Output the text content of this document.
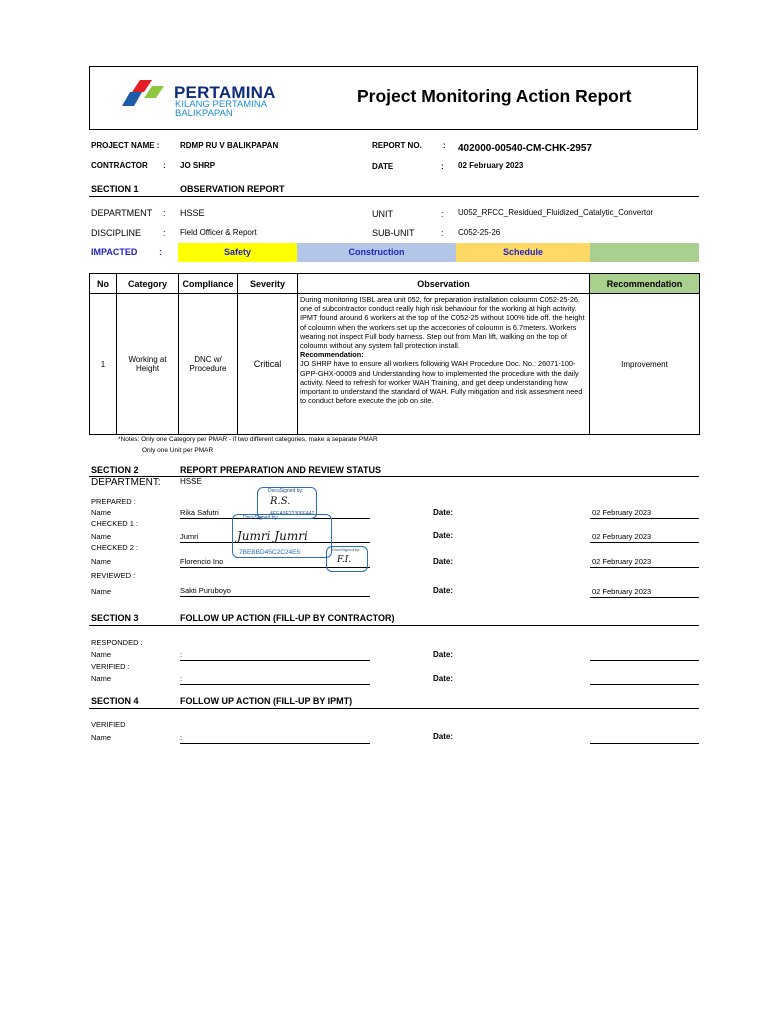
PERTAMINA
KILANG PERTAMINA BALIKPAPAN
Project Monitoring Action Report
PROJECT NAME :	RDMP RU V BALIKPAPAN
CONTRACTOR : JO SHRP
REPORT NO.	: 402000-00540-CM-CHK-2957
DATE	: 02 February 2023
SECTION 1	OBSERVATION REPORT
DEPARTMENT : HSSE
DISCIPLINE : Field Officer & Report
UNIT	: U052_RFCC_Residued_Fluidized_Catalytic_Convertor
SUB-UNIT	: C052-25-26
IMPACTED :	Safety	Construction	Schedule
No	Category	Compliance	Severity	Observation	Recommendation
1	Working at Height	DNC w/ Procedure	Critical	During monitoring ISBL area unit 052, for preparation installation coloumn C052-25-26. one of subcontractor conduct really high risk behaviour for the working at high activity. IPMT found around 6 workers at the top of the C052-25 without 100% tide off. the height of coloumn when the workers set up the accecories of coloumn is 6.7meters. Workers wearing not inspect Full body harness. Step out from Man lift, walking on the top of coloumn without any system fall protection install.
Recommendation:
JO SHRP have to ensure all workers following WAH Procedure Doc. No.: 26071-100-GPP-GHX-00009 and Understanding how to implemented the procedure with the daily activity. Need to refresh for worker WAH Training, and get deep understanding how important to understand the standard of WAH. Fully mitigation and risk assesment need to conduct before execute the job on site.	Improvement
*Notes: Only one Category per PMAR - if two different categories, make a separate PMAR
Only one Unit per PMAR
SECTION 2	REPORT PREPARATION AND REVIEW STATUS
DEPARTMENT: HSSE
PREPARED :
Name	Rika Safutri	Date:	02 February 2023
CHECKED 1 :
Name	Jumri	Date:	02 February 2023
CHECKED 2 :
Name	Florencio Ino	Date:	02 February 2023
REVIEWED :
Name	Sakti Puruboyo	Date:	02 February 2023
DocuSigned by:
R.S.
4EEA9E22306F447
DocuSigned by:
Jumri Jumri
7BEBBD45C2C24E5	DocuSigned by:
F.I.
SECTION 3	FOLLOW UP ACTION (FILL-UP BY CONTRACTOR)
RESPONDED :
Name	:	Date:
VERIFIED :
Name	:	Date:
SECTION 4	FOLLOW UP ACTION (FILL-UP BY IPMT)
VERIFIED
Name	:	Date:
